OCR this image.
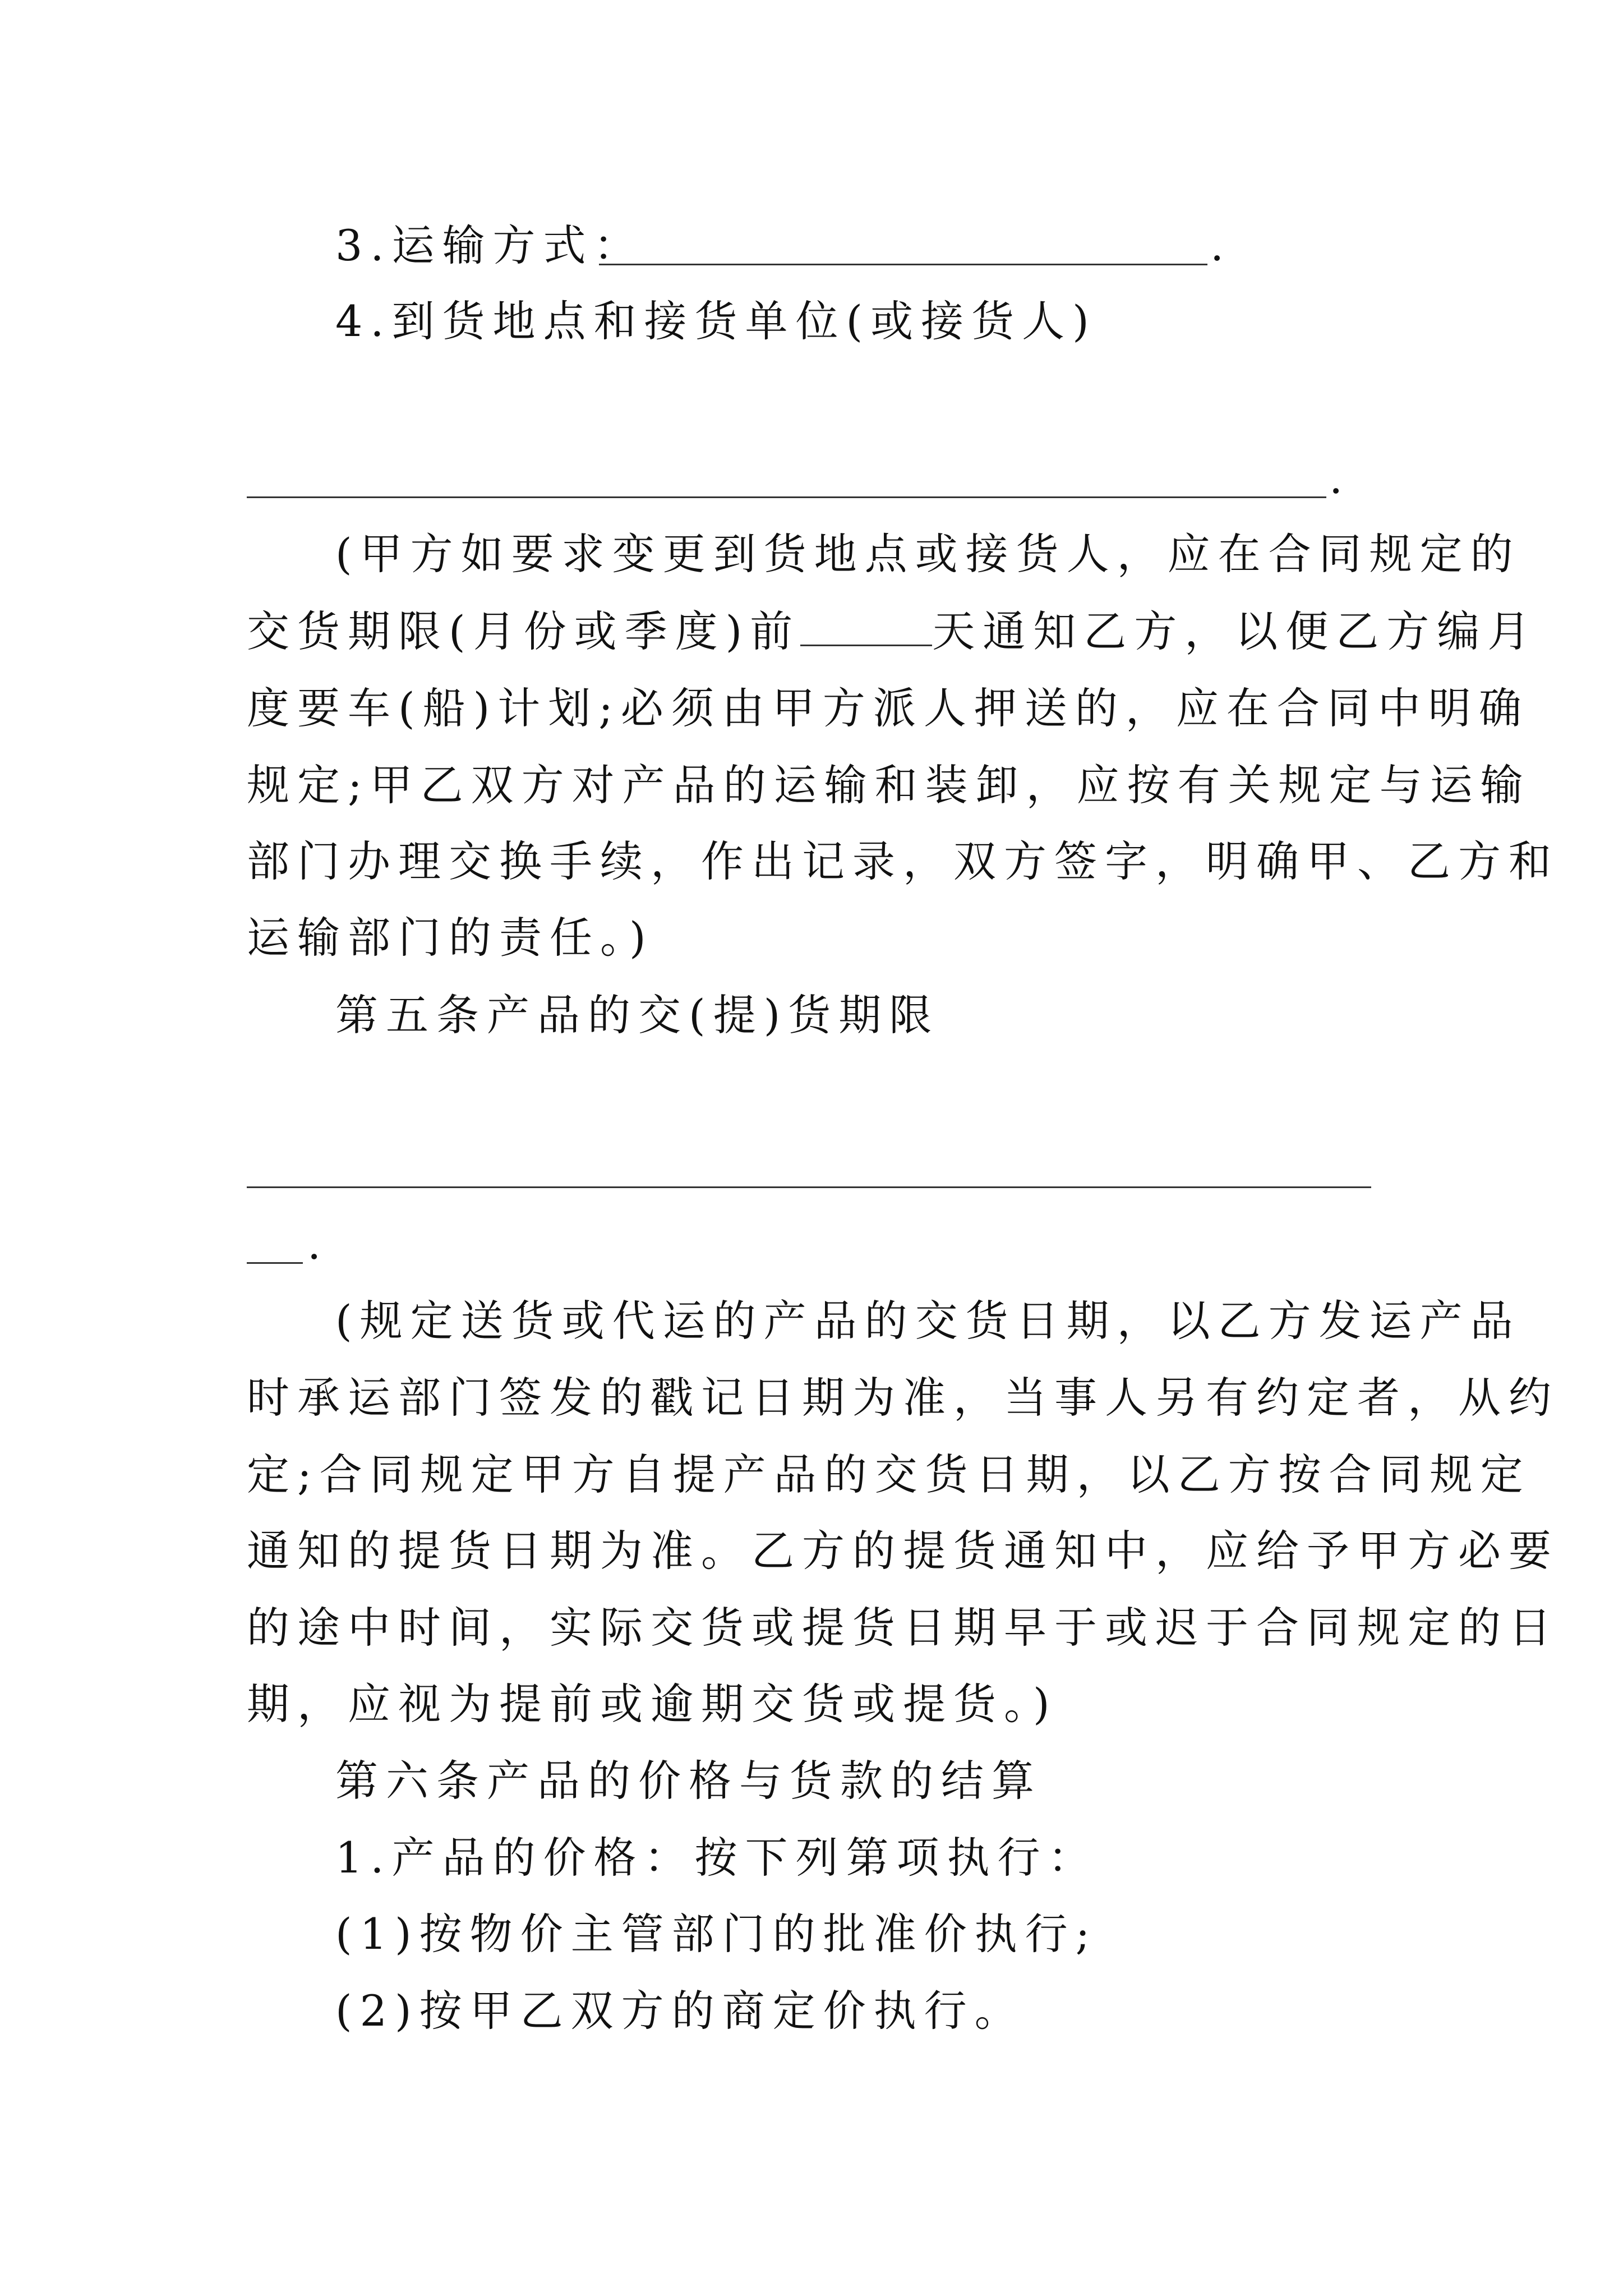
3.运输方式：	.
4.到货地点和接货单位(或接货人)
.
(甲方如要求变更到货地点或接货人，应在合同规定的
交货期限(月份或季度)前	天通知乙方，以便乙方编月
度要车(船)计划;必须由甲方派人押送的，应在合同中明确
规定;甲乙双方对产品的运输和装卸，应按有关规定与运输
部门办理交换手续，作出记录，双方签字，明确甲、乙方和
运输部门的责任。)
第五条产品的交(提)货期限
.
(规定送货或代运的产品的交货日期，以乙方发运产品
时承运部门签发的戳记日期为准，当事人另有约定者，从约
定;合同规定甲方自提产品的交货日期，以乙方按合同规定
通知的提货日期为准。乙方的提货通知中，应给予甲方必要
的途中时间，实际交货或提货日期早于或迟于合同规定的日
期，应视为提前或逾期交货或提货。)
第六条产品的价格与货款的结算
1.产品的价格：按下列第项执行：
(1)按物价主管部门的批准价执行;
(2)按甲乙双方的商定价执行。
